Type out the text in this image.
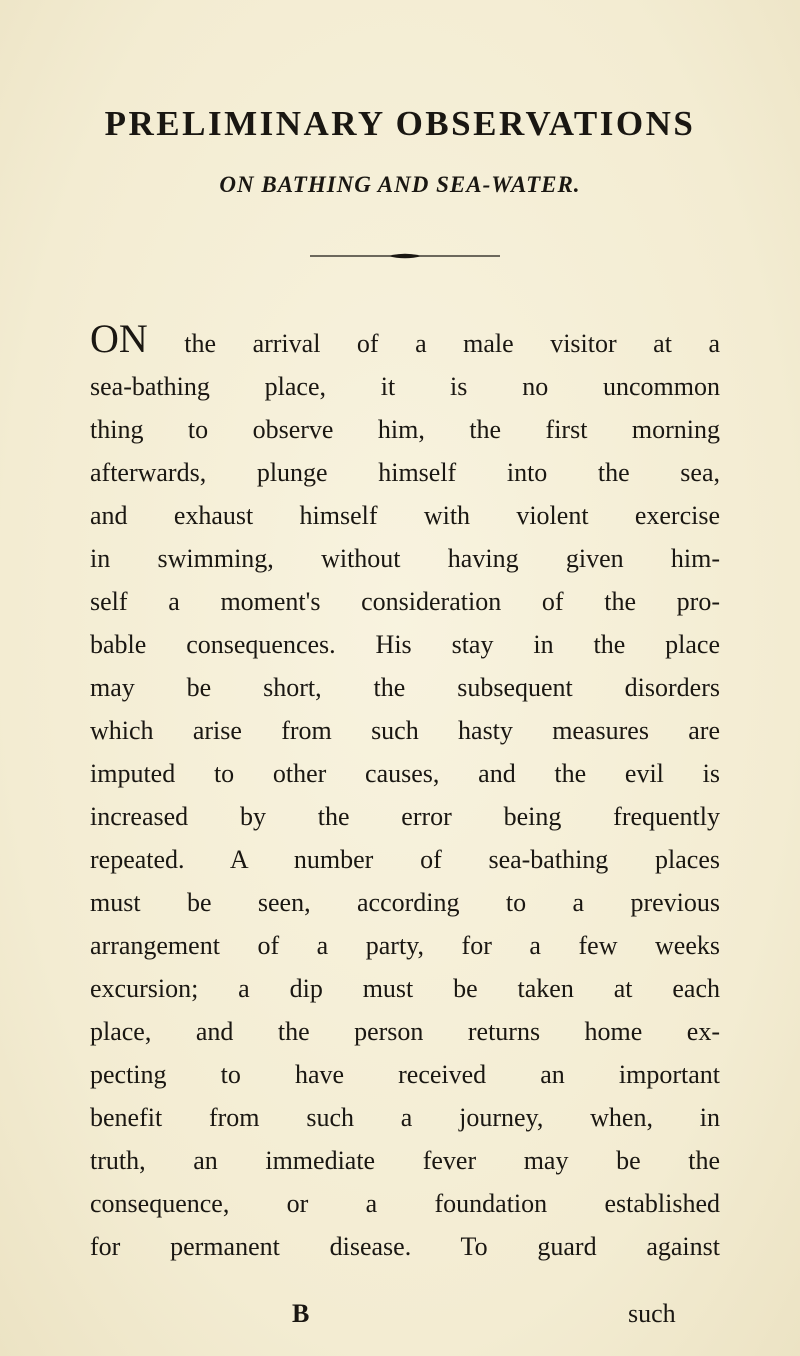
PRELIMINARY OBSERVATIONS
ON BATHING AND SEA-WATER.
ON the arrival of a male visitor at a
sea-bathing place, it is no uncommon
thing to observe him, the first morning
afterwards, plunge himself into the sea,
and exhaust himself with violent exercise
in swimming, without having given him-
self a moment's consideration of the pro-
bable consequences. His stay in the place
may be short, the subsequent disorders
which arise from such hasty measures are
imputed to other causes, and the evil is
increased by the error being frequently
repeated. A number of sea-bathing places
must be seen, according to a previous
arrangement of a party, for a few weeks
excursion; a dip must be taken at each
place, and the person returns home ex-
pecting to have received an important
benefit from such a journey, when, in
truth, an immediate fever may be the
consequence, or a foundation established
for permanent disease. To guard against
B	such
